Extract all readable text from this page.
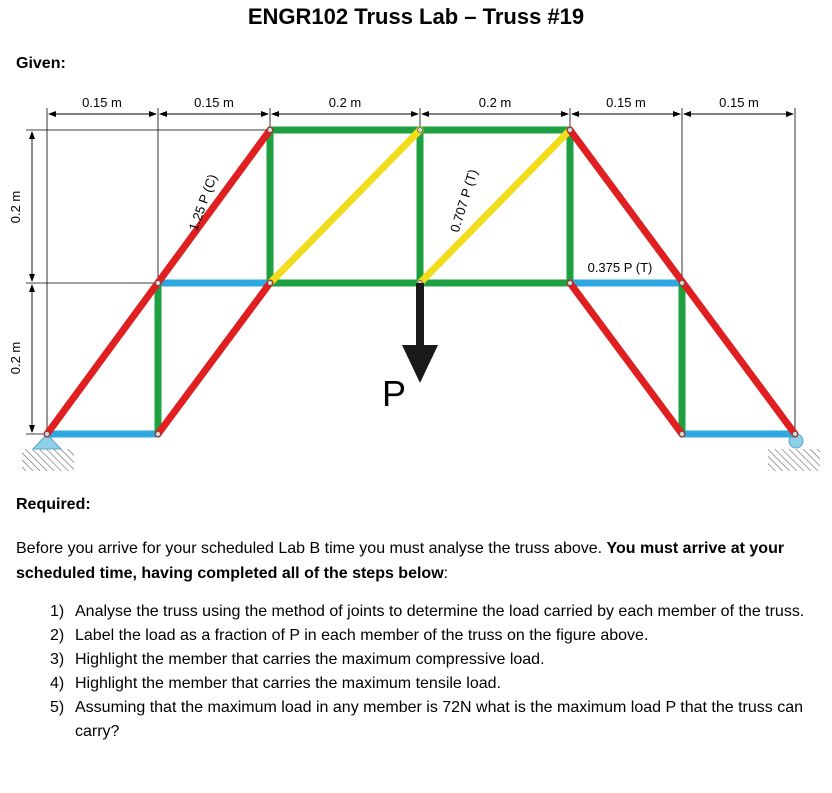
ENGR102 Truss Lab – Truss #19
Given:
0.15 m	0.15 m	0.2 m	0.2 m	0.15 m	0.15 m
0.2 m
0.2 m
1.25 P (C)	0.707 P (T)
0.375 P (T)
P
Required:
Before you arrive for your scheduled Lab B time you must analyse the truss above. You must arrive at your scheduled time, having completed all of the steps below:
1) Analyse the truss using the method of joints to determine the load carried by each member of the truss.
2) Label the load as a fraction of P in each member of the truss on the figure above.
3) Highlight the member that carries the maximum compressive load.
4) Highlight the member that carries the maximum tensile load.
5) Assuming that the maximum load in any member is 72N what is the maximum load P that the truss can carry?
